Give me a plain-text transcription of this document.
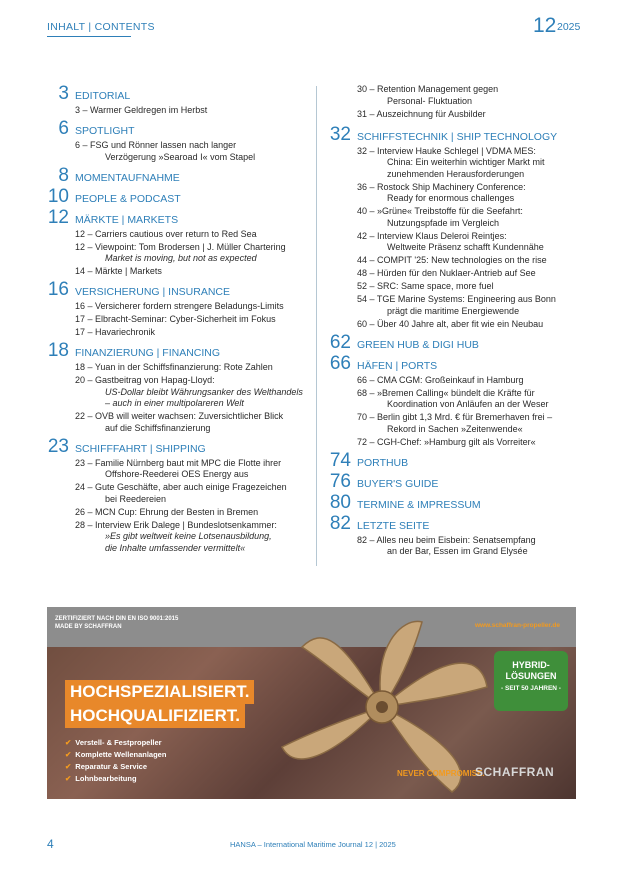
INHALT | CONTENTS	12 2025
3 EDITORIAL
3 – Warmer Geldregen im Herbst
6 SPOTLIGHT
6 – FSG und Rönner lassen nach langer
Verzögerung »Searoad I« vom Stapel
8 MOMENTAUFNAHME
10 PEOPLE & PODCAST
12 MÄRKTE | MARKETS
12 – Carriers cautious over return to Red Sea
12 – Viewpoint: Tom Brodersen | J. Müller Chartering
Market is moving, but not as expected
14 – Märkte | Markets
16 VERSICHERUNG | INSURANCE
16 – Versicherer fordern strengere Beladungs-Limits
17 – Elbracht-Seminar: Cyber-Sicherheit im Fokus
17 – Havariechronik
18 FINANZIERUNG | FINANCING
18 – Yuan in der Schiffsfinanzierung: Rote Zahlen
20 – Gastbeitrag von Hapag-Lloyd:
US-Dollar bleibt Währungsanker des Welthandels
– auch in einer multipolareren Welt
22 – OVB will weiter wachsen: Zuversichtlicher Blick
auf die Schiffsfinanzierung
23 SCHIFFFAHRT | SHIPPING
23 – Familie Nürnberg baut mit MPC die Flotte ihrer
Offshore-Reederei OES Energy aus
24 – Gute Geschäfte, aber auch einige Fragezeichen
bei Reedereien
26 – MCN Cup: Ehrung der Besten in Bremen
28 – Interview Erik Dalege | Bundeslotsenkammer:
»Es gibt weltweit keine Lotsenausbildung,
die Inhalte umfassender vermittelt«
30 – Retention Management gegen
Personal- Fluktuation
31 – Auszeichnung für Ausbilder
32 SCHIFFSTECHNIK | SHIP TECHNOLOGY
32 – Interview Hauke Schlegel | VDMA MES:
China: Ein weiterhin wichtiger Markt mit
zunehmenden Herausforderungen
36 – Rostock Ship Machinery Conference:
Ready for enormous challenges
40 – »Grüne« Treibstoffe für die Seefahrt:
Nutzungspfade im Vergleich
42 – Interview Klaus Deleroi Reintjes:
Weltweite Präsenz schafft Kundennähe
44 – COMPIT '25: New technologies on the rise
48 – Hürden für den Nuklaer-Antrieb auf See
52 – SRC: Same space, more fuel
54 – TGE Marine Systems: Engineering aus Bonn
prägt die maritime Energiewende
60 – Über 40 Jahre alt, aber fit wie ein Neubau
62 GREEN HUB & DIGI HUB
66 HÄFEN | PORTS
66 – CMA CGM: Großeinkauf in Hamburg
68 – »Bremen Calling« bündelt die Kräfte für
Koordination von Anläufen an der Weser
70 – Berlin gibt 1,3 Mrd. € für Bremerhaven frei –
Rekord in Sachen »Zeitenwende«
72 – CGH-Chef: »Hamburg gilt als Vorreiter«
74 PORTHUB
76 BUYER'S GUIDE
80 TERMINE & IMPRESSUM
82 LETZTE SEITE
82 – Alles neu beim Eisbein: Senatsempfang
an der Bar, Essen im Grand Elysée
ZERTIFIZIERT NACH DIN EN ISO 9001:2015
MADE BY SCHAFFRAN	www.schaffran-propeller.de
HOCHSPEZIALISIERT.
HOCHQUALIFIZIERT.
✔ Verstell- & Festpropeller
✔ Komplette Wellenanlagen
✔ Reparatur & Service
✔ Lohnbearbeitung
HYBRID-
LÖSUNGEN
- SEIT 50 JAHREN -
NEVER COMPROMISE.
SCHAFFRAN
4	HANSA – International Maritime Journal 12 | 2025
